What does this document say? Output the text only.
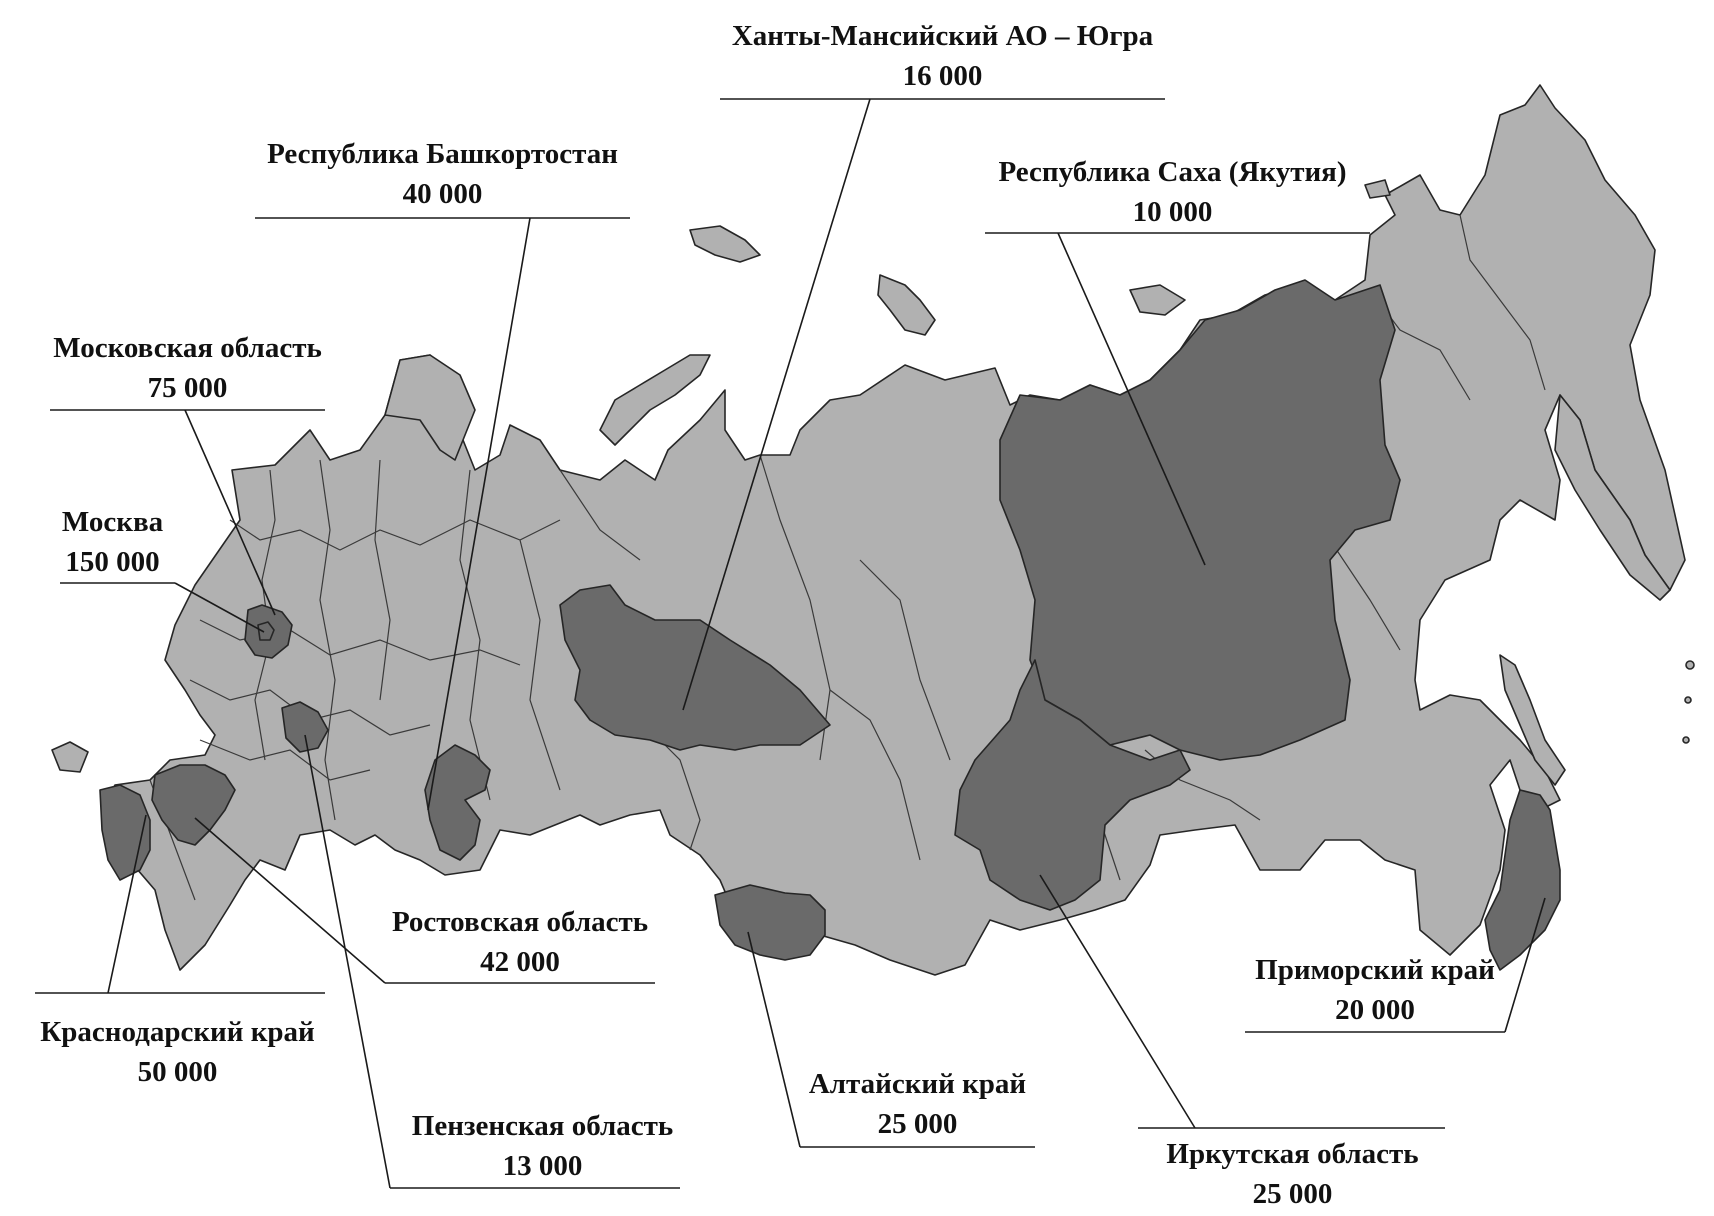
Ханты-Мансийский АО – Югра
16 000
Республика Башкортостан
40 000
Республика Саха (Якутия)
10 000
Московская область
75 000
Москва
150 000
Ростовская область
42 000	Приморский край
20 000
Краснодарский край
50 000	Алтайский край
25 000
Пензенская область
13 000	Иркутская область
25 000
